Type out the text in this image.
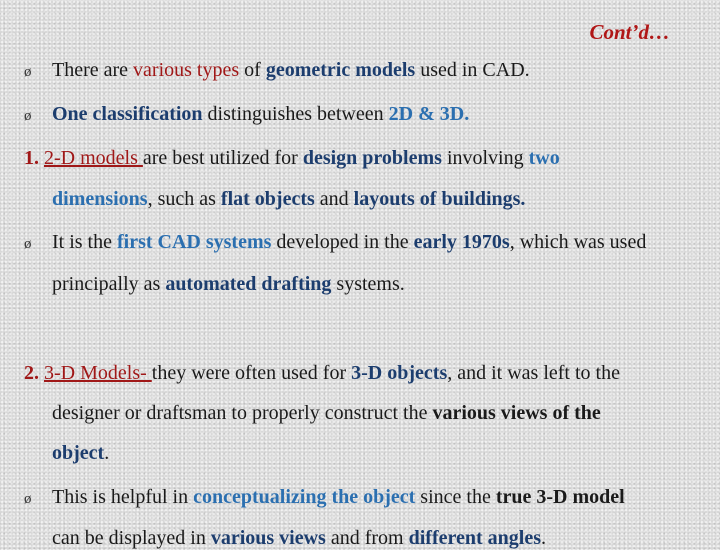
Cont’d…
ø There are various types of geometric models used in CAD.
ø One classification distinguishes between 2D & 3D.
1. 2-D models are best utilized for design problems involving two
dimensions, such as flat objects and layouts of buildings.
ø It is the first CAD systems developed in the early 1970s, which was used
principally as automated drafting systems.
2. 3-D Models- they were often used for 3-D objects, and it was left to the
designer or draftsman to properly construct the various views of the
object.
ø This is helpful in conceptualizing the object since the true 3-D model
can be displayed in various views and from different angles.
